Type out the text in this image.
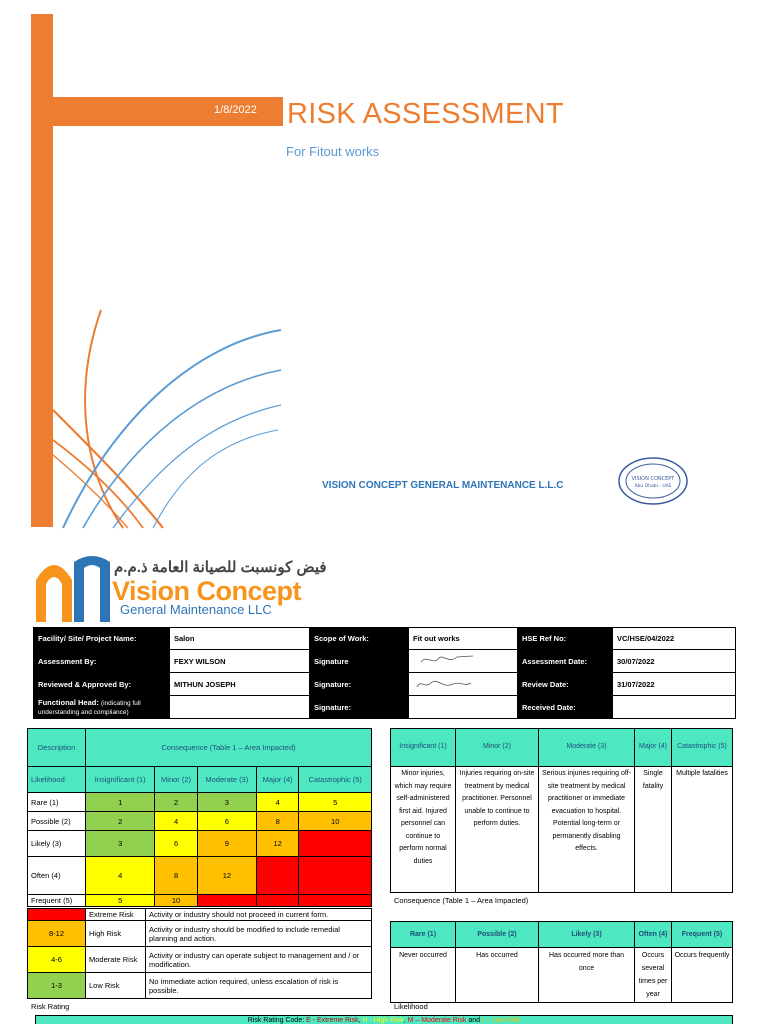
1/8/2022 RISK ASSESSMENT
For Fitout works
VISION CONCEPT GENERAL MAINTENANCE L.L.C
VISION CONCEPT
Abu Dhabi - UAE
فيض كونسبت للصيانة العامة ذ.م.م
Vision Concept
General Maintenance LLC
Facility/ Site/ Project Name:	Salon	Scope of Work:	Fit out works	HSE Ref No:	VC/HSE/04/2022
Assessment By:	FEXY WILSON	Signature		Assessment Date:	30/07/2022
Reviewed & Approved By:	MITHUN JOSEPH	Signature:		Review Date:	31/07/2022
Functional Head: (indicating full understanding and compliance)		Signature:		Received Date:	
Description	Consequence (Table 1 – Area Impacted)				
Likelihood	Insignificant (1)	Minor (2)	Moderate (3)	Major (4)	Catastrophic (5)
Rare (1)	1	2	3	4	5
Possible (2)	2	4	6	8	10
Likely (3)	3	6	9	12	15
Often (4)	4	8	12	16	20
Frequent (5)	5	10	15	20	25
15-25	Extreme Risk	Activity or industry should not proceed in current form.
8-12	High Risk	Activity or industry should be modified to include remedial planning and action.
4-6	Moderate Risk	Activity or industry can operate subject to management and / or modification.
1-3	Low Risk	No immediate action required, unless escalation of risk is possible.
Risk Rating
Insignificant (1)	Minor (2)	Moderate (3)	Major (4)	Catastrophic (5)
Minor injuries, which may require self-administered first aid. Injured personnel can continue to perform normal duties	Injuries requiring on-site treatment by medical practitioner. Personnel unable to continue to perform duties.	Serious injuries requiring off-site treatment by medical practitioner or immediate evacuation to hospital. Potential long-term or permanently disabling effects.	Single fatality	Multiple fatalities
Consequence (Table 1 – Area Impacted)
Rare (1)	Possible (2)	Likely (3)	Often (4)	Frequent (5)
Never occurred	Has occurred	Has occurred more than once	Occurs several times per year	Occurs frequently
Likelihood
Risk Rating Code: E - Extreme Risk, H - High Risk, M – Moderate Risk and L - Low Risk
